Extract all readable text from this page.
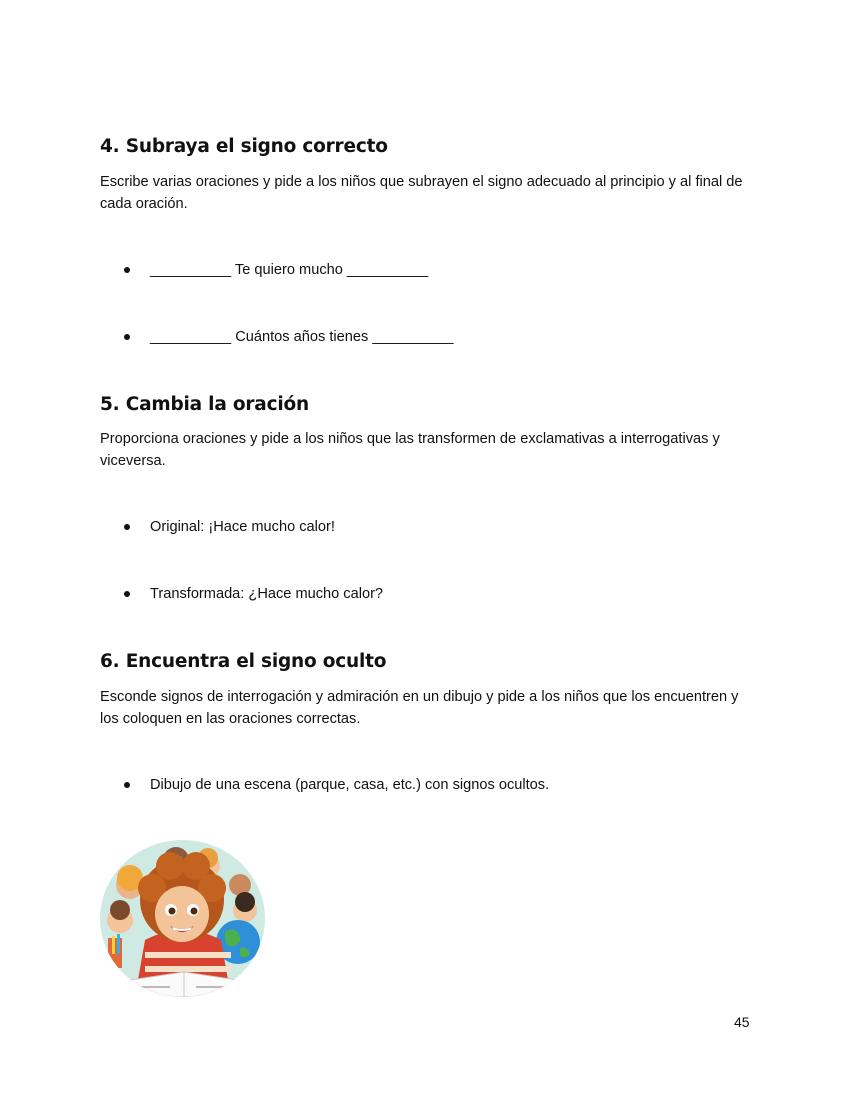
4. Subraya el signo correcto

Escribe varias oraciones y pide a los niños que subrayen el signo adecuado al principio y al final de cada oración.

__________ Te quiero mucho __________
__________ Cuántos años tienes __________
5. Cambia la oración

Proporciona oraciones y pide a los niños que las transformen de exclamativas a interrogativas y viceversa.

Original: ¡Hace mucho calor!
Transformada: ¿Hace mucho calor?
6. Encuentra el signo oculto

Esconde signos de interrogación y admiración en un dibujo y pide a los niños que los encuentren y los coloquen en las oraciones correctas.

Dibujo de una escena (parque, casa, etc.) con signos ocultos.

45
